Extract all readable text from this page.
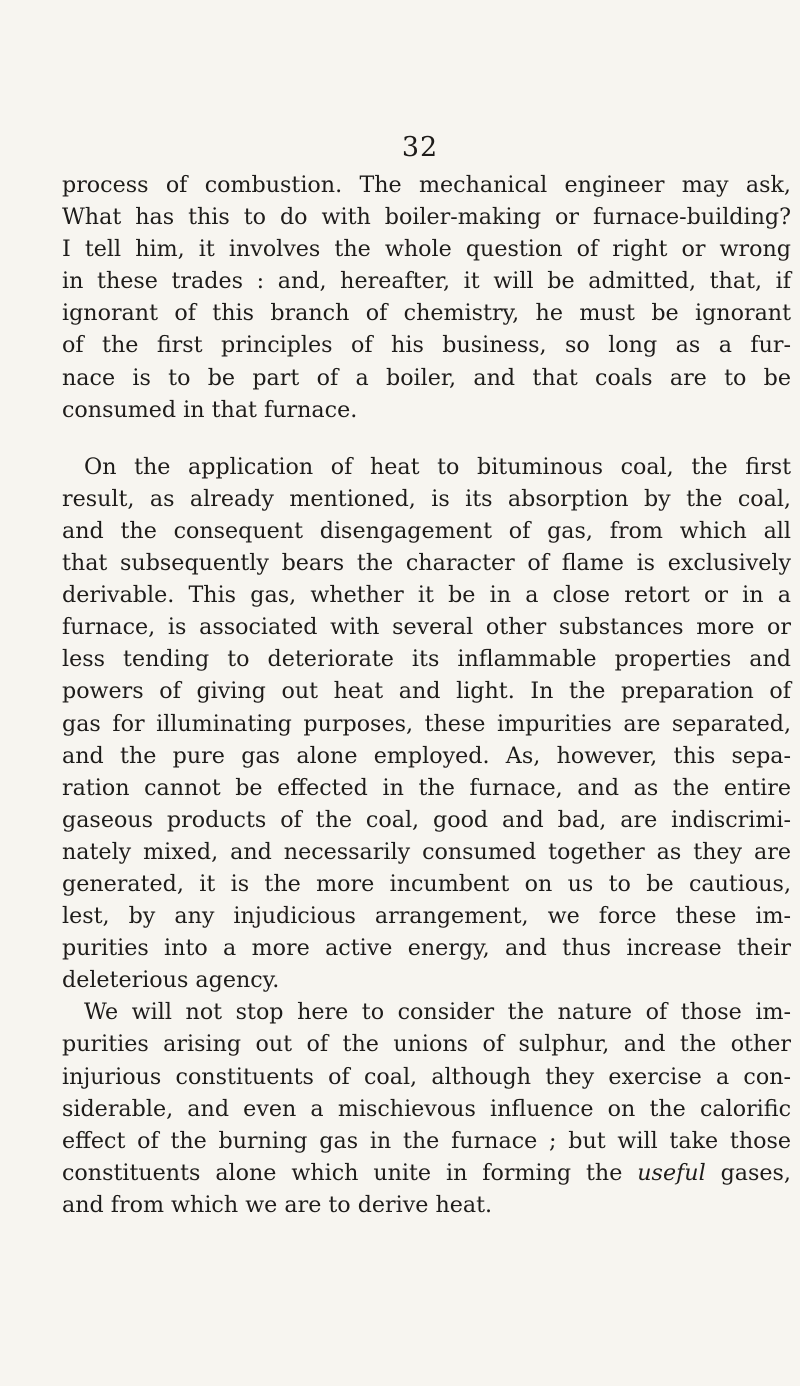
32
process of combustion. The mechanical engineer may ask,
What has this to do with boiler-making or furnace-building?
I tell him, it involves the whole question of right or wrong
in these trades : and, hereafter, it will be admitted, that, if
ignorant of this branch of chemistry, he must be ignorant
of the first principles of his business, so long as a fur-
nace is to be part of a boiler, and that coals are to be
consumed in that furnace.
On the application of heat to bituminous coal, the first
result, as already mentioned, is its absorption by the coal,
and the consequent disengagement of gas, from which all
that subsequently bears the character of flame is exclusively
derivable. This gas, whether it be in a close retort or in a
furnace, is associated with several other substances more or
less tending to deteriorate its inflammable properties and
powers of giving out heat and light. In the preparation of
gas for illuminating purposes, these impurities are separated,
and the pure gas alone employed. As, however, this sepa-
ration cannot be effected in the furnace, and as the entire
gaseous products of the coal, good and bad, are indiscrimi-
nately mixed, and necessarily consumed together as they are
generated, it is the more incumbent on us to be cautious,
lest, by any injudicious arrangement, we force these im-
purities into a more active energy, and thus increase their
deleterious agency.
We will not stop here to consider the nature of those im-
purities arising out of the unions of sulphur, and the other
injurious constituents of coal, although they exercise a con-
siderable, and even a mischievous influence on the calorific
effect of the burning gas in the furnace ; but will take those
constituents alone which unite in forming the useful gases,
and from which we are to derive heat.
